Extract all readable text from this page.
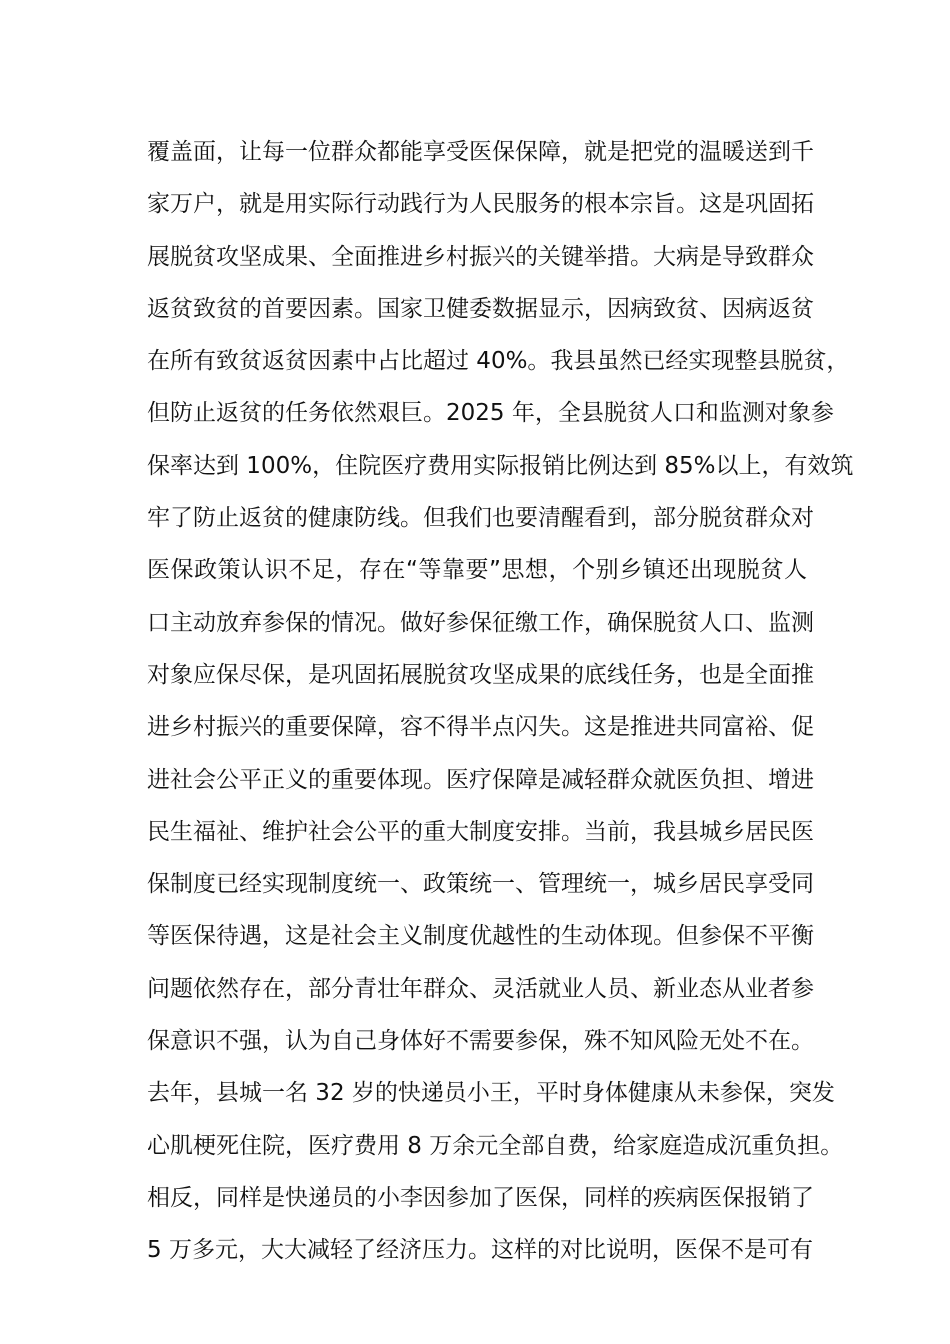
覆盖面，让每一位群众都能享受医保保障，就是把党的温暖送到千
家万户，就是用实际行动践行为人民服务的根本宗旨。这是巩固拓
展脱贫攻坚成果、全面推进乡村振兴的关键举措。大病是导致群众
返贫致贫的首要因素。国家卫健委数据显示，因病致贫、因病返贫
在所有致贫返贫因素中占比超过 40%。我县虽然已经实现整县脱贫，
但防止返贫的任务依然艰巨。2025 年，全县脱贫人口和监测对象参
保率达到 100%，住院医疗费用实际报销比例达到 85%以上，有效筑
牢了防止返贫的健康防线。但我们也要清醒看到，部分脱贫群众对
医保政策认识不足，存在“等靠要”思想，个别乡镇还出现脱贫人
口主动放弃参保的情况。做好参保征缴工作，确保脱贫人口、监测
对象应保尽保，是巩固拓展脱贫攻坚成果的底线任务，也是全面推
进乡村振兴的重要保障，容不得半点闪失。这是推进共同富裕、促
进社会公平正义的重要体现。医疗保障是减轻群众就医负担、增进
民生福祉、维护社会公平的重大制度安排。当前，我县城乡居民医
保制度已经实现制度统一、政策统一、管理统一，城乡居民享受同
等医保待遇，这是社会主义制度优越性的生动体现。但参保不平衡
问题依然存在，部分青壮年群众、灵活就业人员、新业态从业者参
保意识不强，认为自己身体好不需要参保，殊不知风险无处不在。
去年，县城一名 32 岁的快递员小王，平时身体健康从未参保，突发
心肌梗死住院，医疗费用 8 万余元全部自费，给家庭造成沉重负担。
相反，同样是快递员的小李因参加了医保，同样的疾病医保报销了
5 万多元，大大减轻了经济压力。这样的对比说明，医保不是可有
